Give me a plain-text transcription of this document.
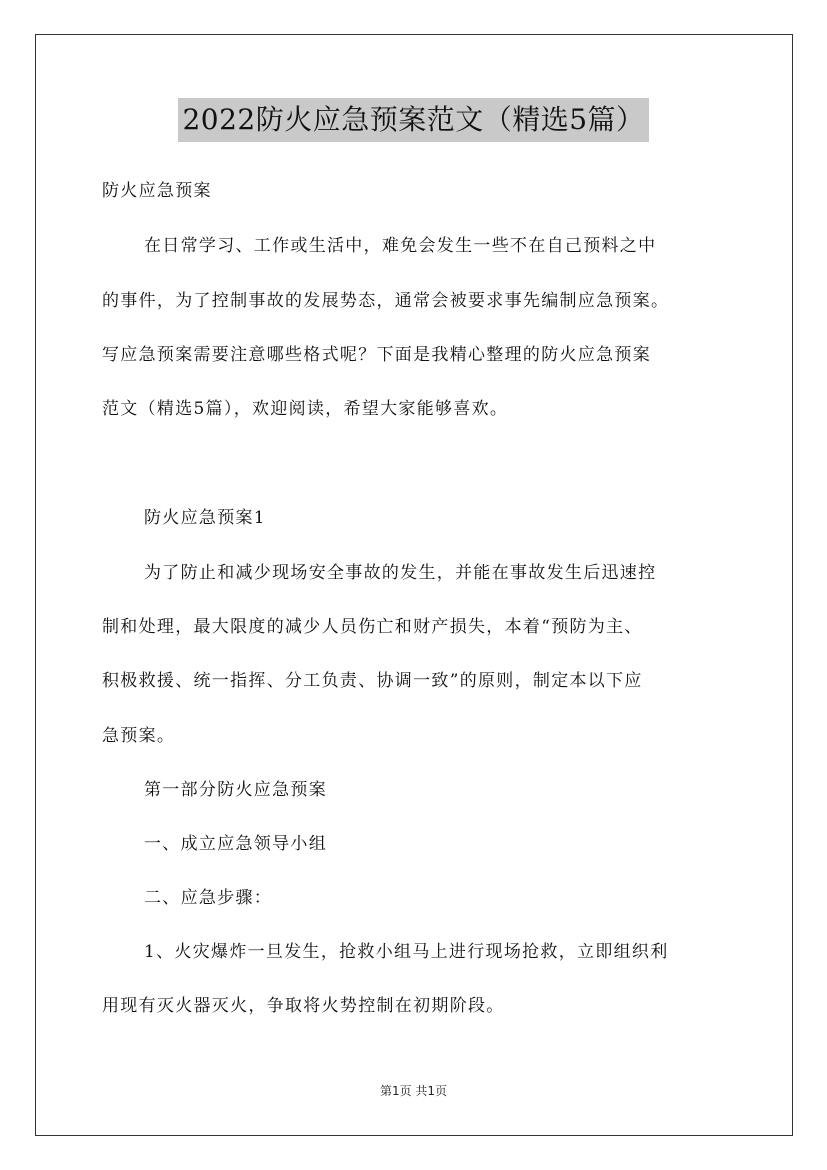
2022防火应急预案范文（精选5篇）
防火应急预案
在日常学习、工作或生活中，难免会发生一些不在自己预料之中
的事件，为了控制事故的发展势态，通常会被要求事先编制应急预案。
写应急预案需要注意哪些格式呢？下面是我精心整理的防火应急预案
范文（精选5篇），欢迎阅读，希望大家能够喜欢。
防火应急预案1
为了防止和减少现场安全事故的发生，并能在事故发生后迅速控
制和处理，最大限度的减少人员伤亡和财产损失，本着“预防为主、
积极救援、统一指挥、分工负责、协调一致”的原则，制定本以下应
急预案。
第一部分防火应急预案
一、成立应急领导小组
二、应急步骤：
1、火灾爆炸一旦发生，抢救小组马上进行现场抢救，立即组织利
用现有灭火器灭火，争取将火势控制在初期阶段。
第1页 共1页
